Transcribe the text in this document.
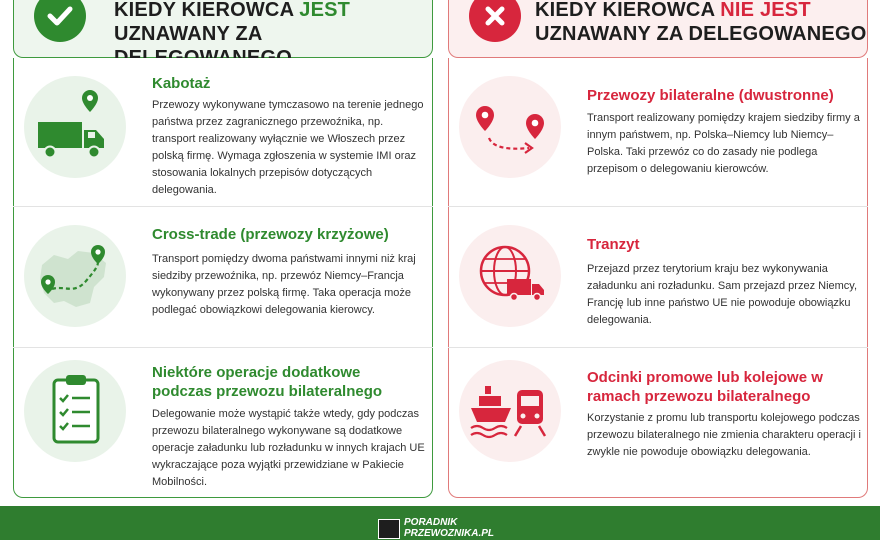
KIEDY KIEROWCA JEST
UZNAWANY ZA
Kabotaż
Przewozy wykonywane tymczasowo na terenie jednego państwa przez zagranicznego przewoźnika, np. transport realizowany wyłącznie we Włoszech przez polską firmę. Wymaga zgłoszenia w systemie IMI oraz stosowania lokalnych przepisów dotyczących delegowania.
Cross-trade (przewozy krzyżowe)
Transport pomiędzy dwoma państwami innymi niż kraj siedziby przewoźnika, np. przewóz Niemcy–Francja wykonywany przez polską firmę. Taka operacja może podlegać obowiązkowi delegowania kierowcy.
Niektóre operacje dodatkowe podczas przewozu bilateralnego
Delegowanie może wystąpić także wtedy, gdy podczas przewozu bilateralnego wykonywane są dodatkowe operacje załadunku lub rozładunku w innych krajach UE wykraczające poza wyjątki przewidziane w Pakiecie Mobilności.
KIEDY KIEROWCA NIE JEST
UZNAWANY ZA DELEGOWANEGO
Przewozy bilateralne (dwustronne)
Transport realizowany pomiędzy krajem siedziby firmy a innym państwem, np. Polska–Niemcy lub Niemcy–Polska. Taki przewóz co do zasady nie podlega przepisom o delegowaniu kierowców.
Tranzyt
Przejazd przez terytorium kraju bez wykonywania załadunku ani rozładunku. Sam przejazd przez Niemcy, Francję lub inne państwo UE nie powoduje obowiązku delegowania.
Odcinki promowe lub kolejowe w ramach przewozu bilateralnego
Korzystanie z promu lub transportu kolejowego podczas przewozu bilateralnego nie zmienia charakteru operacji i zwykle nie powoduje obowiązku delegowania.
PORADNIK
PRZEWOZNIKA.PL
